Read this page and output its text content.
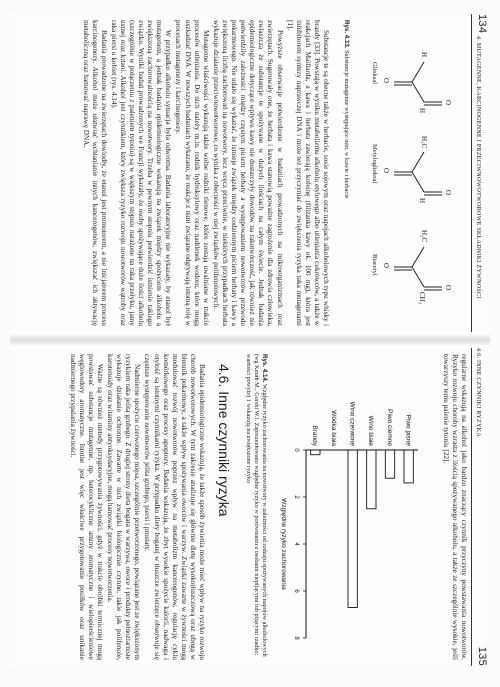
134
4. MUTAGENNE, KARCINOGENNE I PRZECIWNOWOTWOROWE SKŁADNIKI ŻYWNOŚCI
O
O
H
H
O
O
H₃C
H
O
O
H₃C
CH₃
Glioksal
Metyloglioksal
Biacetyl
Rys. 4.13. Substancje mutagenne występujące min. w kawie i herbacie

Substancje te są obecne także w herbacie, sosie sojowym oraz napojach alkoholowych typu whisky i brandy [33]. Powstają w wyniku metabolizmu alkoholu etylowego albo utleniania cukrowców, a także w reakcjach Maillarda, a kawa i herbata zawierają kofeinę (filiżanka kawy ok. 100 mg), która jest inhibitorem syntezy naprawczej DNA i może też przyczyniać do zwiększenia ryzyka raka mutagenami [1].

Powyższe obserwacje potwierdzone w badaniach prowadzonych na mikroorganizmach oraz zwierzętach. Sugerowały one, że herbata i kawa stanowią poważne zagrożenie dla zdrowia człowieka, zwłaszcza że substancje te spożywane w dużych ilościach na całym świecie. Jednak badania epidemiologiczne dotyczące wpływu kawy nie dostarczyły dowodów na rakotwórczość, jak również nie potwierdziły zależności między częstym piciem herbaty a występowaniem nowotworów przewodu pokarmowego. Nie udało się wykazać, że istnieje związek między codziennym piciem herbaty i kawy a zwiększoną liczbą zachorowań na nowotwory, lecz wręcz przeciwnie, w niektórych przypadkach herbata wykazuje działanie przeciwnowotworowe, co wynika z obecności w niej związków polifenolowych.

Mutagenne właściwości wykazują także wolne rodniki tlenowe, które zostają uwalniane w trakcie procesów utleniania. Do nich należy m.in. rodnik hydroksylowy oraz nadtlenek wodoru, które mogą uszkadzać DNA. W nowszych badaniach wykazano, że reakcje z nimi związane odgrywają istotną rolę w procesach mutagenezy i karcinogenezy.

W przypadku alkoholu sytuacja była odwrotna. Badania laboratoryjne nie wykazały, by etanol był mutagenem, a jednak badania epidemiologiczne wskazują na związek między spożyciem alkoholu a zwiększoną zachorowalnością na nowotwory. Trzeba w pewnym stopniu potwierdzić istnienie takiego związku. Wyniki badań prowadzonych we Francji wykazały, że osoby spożywające duże ilości alkoholu (szczególnie w połączeniu z paleniem tytoniu) są w większym stopniu narażone na raka przełyku, jamy ustnej oraz krtani. Alkohol jest czynnikiem, który zwiększa ryzyko rozwoju nowotworów wątroby oraz raka piersi u kobiet (rys. 4.14).

Badania prowadzone na zwierzętach dowiodły, że etanol jest promotorem, a nie inicjatorem procesu karcinogenezy. Alkohol może ułatwiać wchłanianie innych kancerogenów, zwiększać ich aktywację metaboliczną oraz hamować naprawę DNA.

4.6. INNE CZYNNIKI RYZYKA
135

regularne wskazują na alkohol jako bardzo znaczący czynnik przyczyny powstawania nowotworów. Ryzyko rozwoju choroby wzrasta z ilością spożywanego alkoholu, a także ze szczególnie wysokie, jeśli towarzyszy temu palenie tytoniu [22].

Piwo jasne
Piwo ciemne
Wino białe
Wino czerwone
Wódka biała
Brandy
0
2
4
6
8
Względne ryzyko zachorowania
Rys. 4.14. Względne ryzyko zachorowania na nowotwory w zależności od rodzaju spożywanych napojów alkoholowych (wg Knuth M., Gorski W.). Zaprezentowano względne ryzyko w porównaniu z osobami niepijącymi lub pijącymi rzadko; wartości powyżej 1 wskazują na zwiększone ryzyko
4.6. Inne czynniki ryzyka

Badania epidemiologiczne wskazują, że także sposób żywienia może mieć wpływ na ryzyko rozwoju chorób nowotworowych. W tym zakresie analizuje się głównie dietę wysokotłuszczową oraz ubogą w błonnik pokarmowy, a także wpływ spożywania owoców i warzyw. Związki zawarte w żywności mogą modulować rozwój nowotworów poprzez wpływ na metabolizm kancerogenów, regulację cyklu komórkowego oraz procesy apoptozy. Badania wskazują, że zbyt wysokie spożycie kalorii, nadwaga i otyłość są istotnymi czynnikami ryzyka. W przypadku diety bogatej w tłuszcze zwierzęce obserwuje się częstsze występowanie nowotworów jelita grubego, piersi i prostaty.

Nadmierne spożycie czerwonego mięsa, szczególnie przetworzonego, powiązane jest ze zwiększonym ryzykiem raka jelita grubego. Z drugiej strony dieta bogata w warzywa, owoce i produkty pełnoziarniste wykazuje działanie ochronne. Zawarte w nich związki biologicznie czynne, takie jak polifenole, karotenoidy oraz witaminy antyoksydacyjne, mogą hamować procesy nowotworzenia.

Ważne są również metody przygotowywania żywności, gdyż w trakcie obróbki termicznej mogą powstawać substancje mutagenne, np. heterocykliczne aminy aromatyczne i wielopierścieniowe węglowodory aromatyczne. Istotne jest więc właściwe przygotowanie posiłków oraz unikanie nadmiernego przypalania żywności.
